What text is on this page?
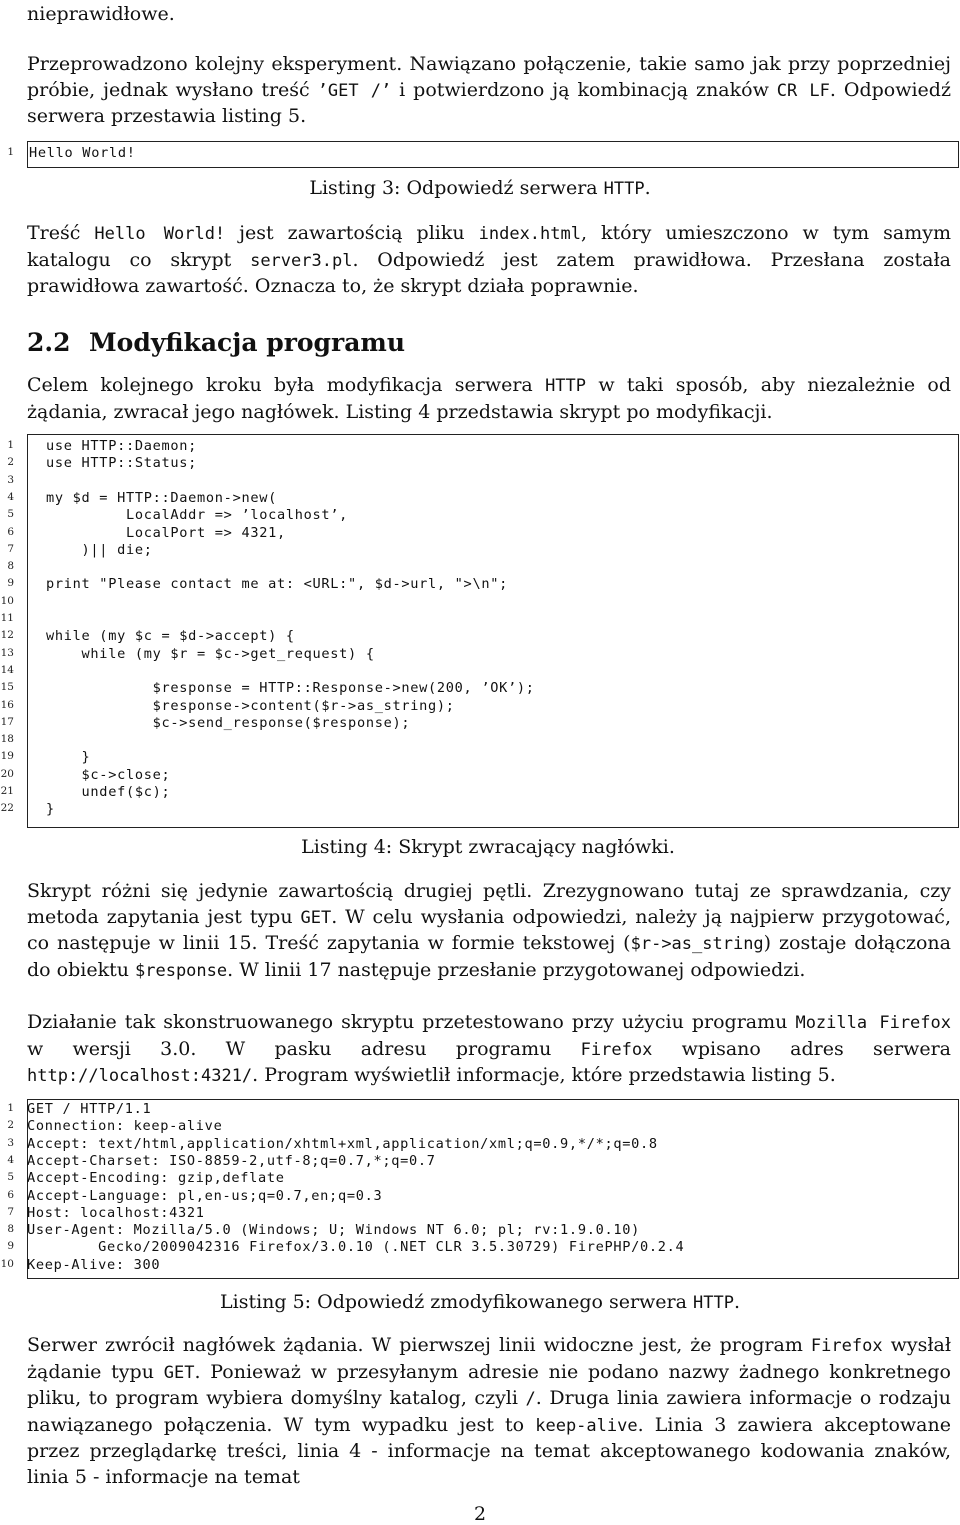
nieprawidłowe.
Przeprowadzono kolejny eksperyment. Nawiązano połączenie, takie samo jak przy poprzedniej próbie, jednak wysłano treść ’GET /’ i potwierdzono ją kombinacją znaków CR LF. Odpowiedź serwera przestawia listing 5.
1 Hello World!
Listing 3: Odpowiedź serwera HTTP.
Treść Hello World! jest zawartością pliku index.html, który umieszczono w tym samym katalogu co skrypt server3.pl. Odpowiedź jest zatem prawidłowa. Przesłana została prawidłowa zawartość. Oznacza to, że skrypt działa poprawnie.
2.2 Modyfikacja programu
Celem kolejnego kroku była modyfikacja serwera HTTP w taki sposób, aby niezależnie od żądania, zwracał jego nagłówek. Listing 4 przedstawia skrypt po modyfikacji.
1 use HTTP::Daemon;
2 use HTTP::Status;
3
4 my $d = HTTP::Daemon->new(
5 LocalAddr => ’localhost’,
6 LocalPort => 4321,
7 )|| die;
8
9 print "Please contact me at: <URL:", $d->url, ">\n";
10
11
12 while (my $c = $d->accept) {
13 while (my $r = $c->get_request) {
14
15 $response = HTTP::Response->new(200, ’OK’);
16 $response->content($r->as_string);
17 $c->send_response($response);
18
19 }
20 $c->close;
21 undef($c);
22 }
Listing 4: Skrypt zwracający nagłówki.
Skrypt różni się jedynie zawartością drugiej pętli. Zrezygnowano tutaj ze sprawdzania, czy metoda zapytania jest typu GET. W celu wysłania odpowiedzi, należy ją najpierw przygotować, co następuje w linii 15. Treść zapytania w formie tekstowej ($r->as_string) zostaje dołączona do obiektu $response. W linii 17 następuje przesłanie przygotowanej odpowiedzi.
Działanie tak skonstruowanego skryptu przetestowano przy użyciu programu Mozilla Firefox w wersji 3.0. W pasku adresu programu Firefox wpisano adres serwera http://localhost:4321/. Program wyświetlił informacje, które przedstawia listing 5.
1 GET / HTTP/1.1
2 Connection: keep-alive
3 Accept: text/html,application/xhtml+xml,application/xml;q=0.9,*/*;q=0.8
4 Accept-Charset: ISO-8859-2,utf-8;q=0.7,*;q=0.7
5 Accept-Encoding: gzip,deflate
6 Accept-Language: pl,en-us;q=0.7,en;q=0.3
7 Host: localhost:4321
8 User-Agent: Mozilla/5.0 (Windows; U; Windows NT 6.0; pl; rv:1.9.0.10)
9 Gecko/2009042316 Firefox/3.0.10 (.NET CLR 3.5.30729) FirePHP/0.2.4
10 Keep-Alive: 300
Listing 5: Odpowiedź zmodyfikowanego serwera HTTP.
Serwer zwrócił nagłówek żądania. W pierwszej linii widoczne jest, że program Firefox wysłał żądanie typu GET. Ponieważ w przesyłanym adresie nie podano nazwy żadnego konkretnego pliku, to program wybiera domyślny katalog, czyli /. Druga linia zawiera informacje o rodzaju nawiązanego połączenia. W tym wypadku jest to keep-alive. Linia 3 zawiera akceptowane przez przeglądarkę treści, linia 4 - informacje na temat akceptowanego kodowania znaków, linia 5 - informacje na temat
2
